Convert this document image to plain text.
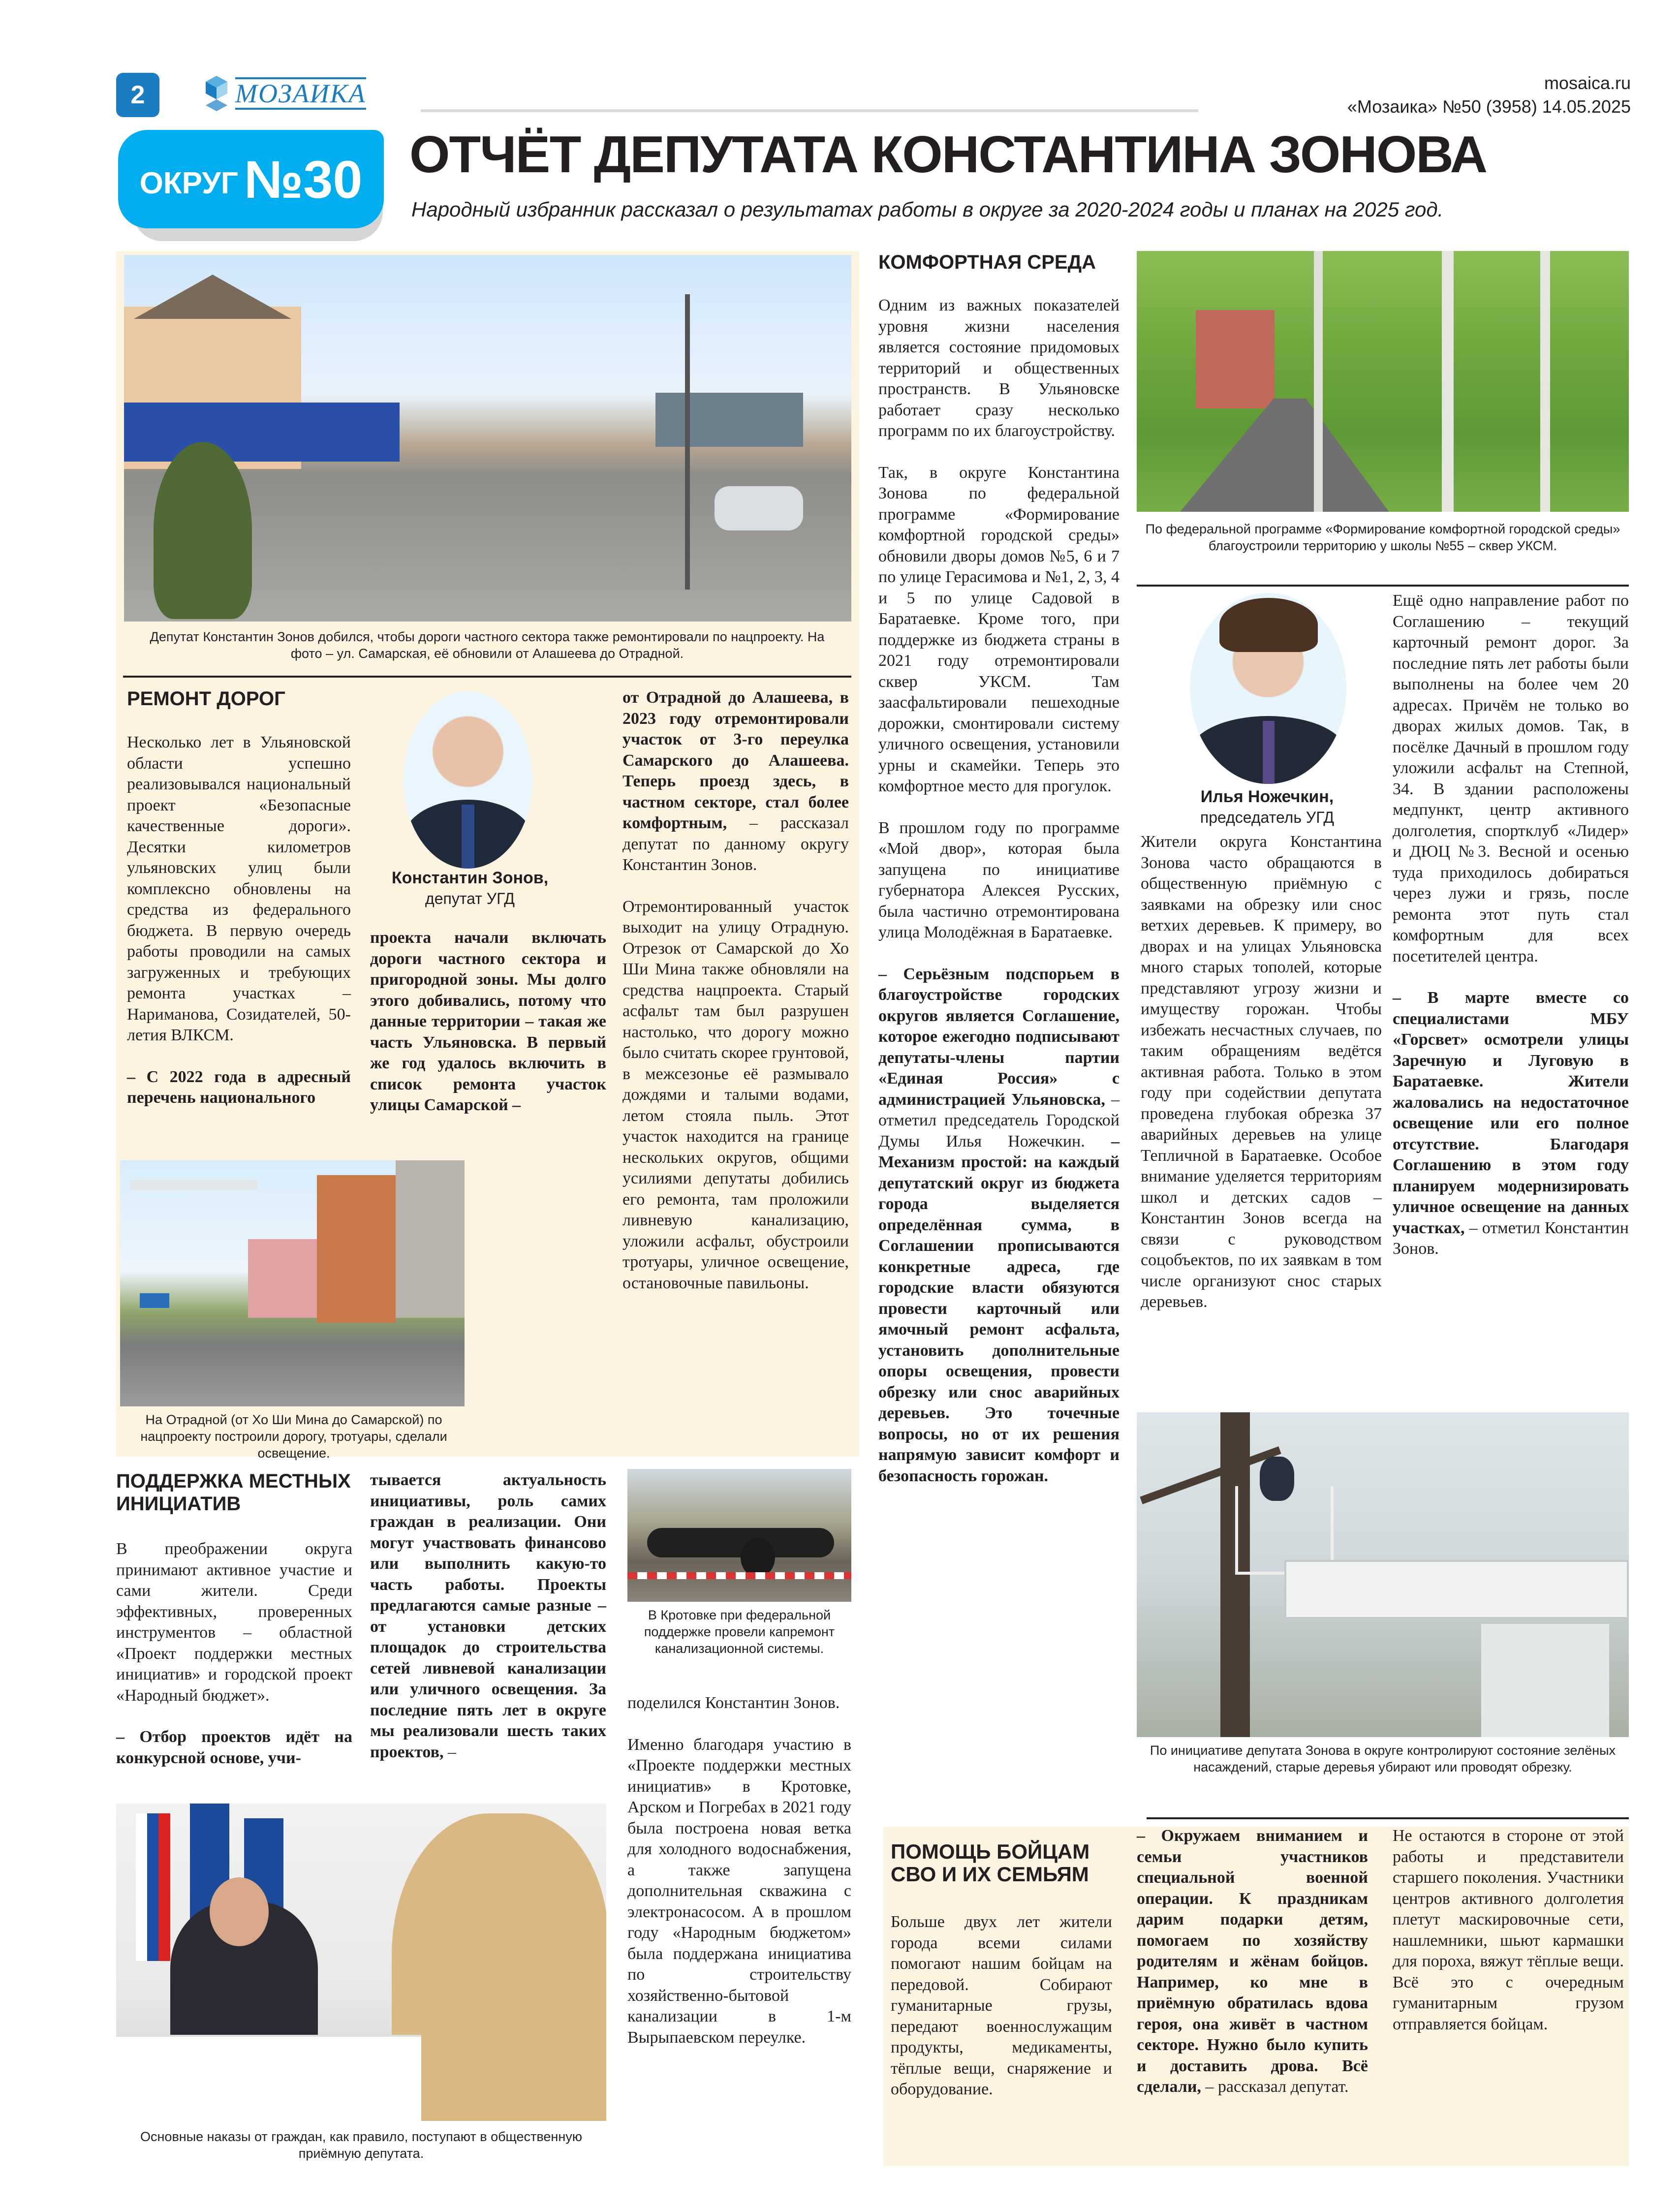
2	МОЗАИКА	mosaica.ru
«Мозаика» №50 (3958) 14.05.2025
ОКРУГ №30 ОТЧЁТ ДЕПУТАТА КОНСТАНТИНА ЗОНОВА
Народный избранник рассказал о результатах работы в округе за 2020-2024 годы и планах на 2025 год.
Депутат Константин Зонов добился, чтобы дороги частного сектора также ремонтировали по нацпроекту. На фото – ул. Самарская, её обновили от Алашеева до Отрадной.
РЕМОНТ ДОРОГ

Несколько лет в Ульяновской области успешно реализовывался национальный проект «Безопасные качественные дороги». Десятки километров ульяновских улиц были комплексно обновлены на средства из федерального бюджета. В первую очередь работы проводили на самых загруженных и требующих ремонта участках – Нариманова, Созидателей, 50-летия ВЛКСМ.

– С 2022 года в адресный перечень национального

Константин Зонов,
депутат УГД

проекта начали включать дороги частного сектора и пригородной зоны. Мы долго этого добивались, потому что данные территории – такая же часть Ульяновска. В первый же год удалось включить в список ремонта участок улицы Самарской –

от Отрадной до Алашеева, в 2023 году отремонтировали участок от 3-го переулка Самарского до Алашеева. Теперь проезд здесь, в частном секторе, стал более комфортным, – рассказал депутат по данному округу Константин Зонов.

Отремонтированный участок выходит на улицу Отрадную. Отрезок от Самарской до Хо Ши Мина также обновляли на средства нацпроекта. Старый асфальт там был разрушен настолько, что дорогу можно было считать скорее грунтовой, в межсезонье её размывало дождями и талыми водами, летом стояла пыль. Этот участок находится на границе нескольких округов, общими усилиями депутаты добились его ремонта, там проложили ливневую канализацию, уложили асфальт, обустроили тротуары, уличное освещение, остановочные павильоны.

На Отрадной (от Хо Ши Мина до Самарской) по нацпроекту построили дорогу, тротуары, сделали освещение.
ПОДДЕРЖКА МЕСТНЫХ ИНИЦИАТИВ

В преображении округа принимают активное участие и сами жители. Среди эффективных, проверенных инструментов – областной «Проект поддержки местных инициатив» и городской проект «Народный бюджет».

– Отбор проектов идёт на конкурсной основе, учи-

тывается актуальность инициативы, роль самих граждан в реализации. Они могут участвовать финансово или выполнить какую-то часть работы. Проекты предлагаются самые разные – от установки детских площадок до строительства сетей ливневой канализации или уличного освещения. За последние пять лет в округе мы реализовали шесть таких проектов, –

В Кротовке при федеральной поддержке провели капремонт канализационной системы.

поделился Константин Зонов.

Именно благодаря участию в «Проекте поддержки местных инициатив» в Кротовке, Арском и Погребах в 2021 году была построена новая ветка для холодного водоснабжения, а также запущена дополнительная скважина с электронасосом. А в прошлом году «Народным бюджетом» была поддержана инициатива по строительству хозяйственно-бытовой канализации в 1-м Вырыпаевском переулке.

Основные наказы от граждан, как правило, поступают в общественную приёмную депутата.
КОМФОРТНАЯ СРЕДА

Одним из важных показателей уровня жизни населения является состояние придомовых территорий и общественных пространств. В Ульяновске работает сразу несколько программ по их благоустройству.

Так, в округе Константина Зонова по федеральной программе «Формирование комфортной городской среды» обновили дворы домов №5, 6 и 7 по улице Герасимова и №1, 2, 3, 4 и 5 по улице Садовой в Баратаевке. Кроме того, при поддержке из бюджета страны в 2021 году отремонтировали сквер УКСМ. Там заасфальтировали пешеходные дорожки, смонтировали систему уличного освещения, установили урны и скамейки. Теперь это комфортное место для прогулок.

В прошлом году по программе «Мой двор», которая была запущена по инициативе губернатора Алексея Русских, была частично отремонтирована улица Молодёжная в Баратаевке.

– Серьёзным подспорьем в благоустройстве городских округов является Соглашение, которое ежегодно подписывают депутаты-члены партии «Единая Россия» с администрацией Ульяновска, – отметил председатель Городской Думы Илья Ножечкин. – Механизм простой: на каждый депутатский округ из бюджета города выделяется определённая сумма, в Соглашении прописываются конкретные адреса, где городские власти обязуются провести карточный или ямочный ремонт асфальта, установить дополнительные опоры освещения, провести обрезку или снос аварийных деревьев. Это точечные вопросы, но от их решения напрямую зависит комфорт и безопасность горожан.

По федеральной программе «Формирование комфортной городской среды» благоустроили территорию у школы №55 – сквер УКСМ.
Илья Ножечкин,
председатель УГД

Жители округа Константина Зонова часто обращаются в общественную приёмную с заявками на обрезку или снос ветхих деревьев. К примеру, во дворах и на улицах Ульяновска много старых тополей, которые представляют угрозу жизни и имуществу горожан. Чтобы избежать несчастных случаев, по таким обращениям ведётся активная работа. Только в этом году при содействии депутата проведена глубокая обрезка 37 аварийных деревьев на улице Тепличной в Баратаевке. Особое внимание уделяется территориям школ и детских садов – Константин Зонов всегда на связи с руководством соцобъектов, по их заявкам в том числе организуют снос старых деревьев.

Ещё одно направление работ по Соглашению – текущий карточный ремонт дорог. За последние пять лет работы были выполнены на более чем 20 адресах. Причём не только во дворах жилых домов. Так, в посёлке Дачный в прошлом году уложили асфальт на Степной, 34. В здании расположены медпункт, центр активного долголетия, спортклуб «Лидер» и ДЮЦ №3. Весной и осенью туда приходилось добираться через лужи и грязь, после ремонта этот путь стал комфортным для всех посетителей центра.

– В марте вместе со специалистами МБУ «Горсвет» осмотрели улицы Заречную и Луговую в Баратаевке. Жители жаловались на недостаточное освещение или его полное отсутствие. Благодаря Соглашению в этом году планируем модернизировать уличное освещение на данных участках, – отметил Константин Зонов.

По инициативе депутата Зонова в округе контролируют состояние зелёных насаждений, старые деревья убирают или проводят обрезку.
ПОМОЩЬ БОЙЦАМ СВО И ИХ СЕМЬЯМ

Больше двух лет жители города всеми силами помогают нашим бойцам на передовой. Собирают гуманитарные грузы, передают военнослужащим продукты, медикаменты, тёплые вещи, снаряжение и оборудование.

– Окружаем вниманием и семьи участников специальной военной операции. К праздникам дарим подарки детям, помогаем по хозяйству родителям и жёнам бойцов. Например, ко мне в приёмную обратилась вдова героя, она живёт в частном секторе. Нужно было купить и доставить дрова. Всё сделали, – рассказал депутат.

Не остаются в стороне от этой работы и представители старшего поколения. Участники центров активного долголетия плетут маскировочные сети, нашлемники, шьют кармашки для пороха, вяжут тёплые вещи. Всё это с очередным гуманитарным грузом отправляется бойцам.
